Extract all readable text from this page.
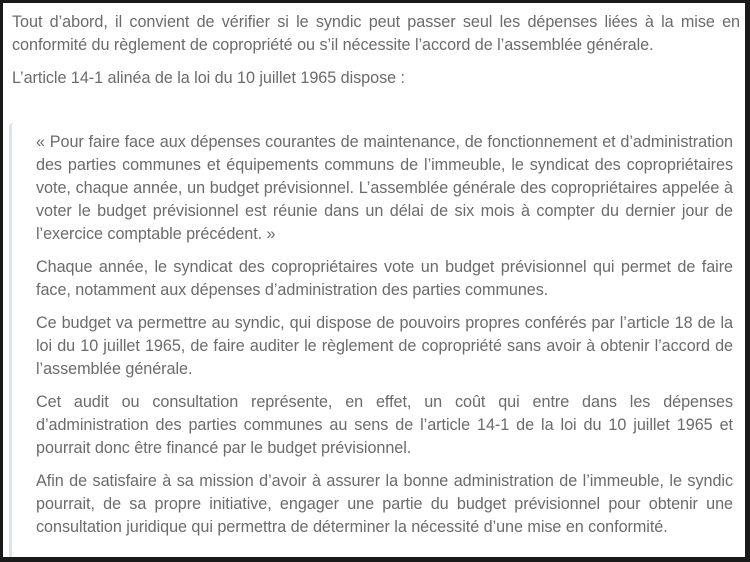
Tout d’abord, il convient de vérifier si le syndic peut passer seul les dépenses liées à la mise en conformité du règlement de copropriété ou s’il nécessite l’accord de l’assemblée générale.

L’article 14-1 alinéa de la loi du 10 juillet 1965 dispose :

« Pour faire face aux dépenses courantes de maintenance, de fonctionnement et d’administration des parties communes et équipements communs de l’immeuble, le syndicat des copropriétaires vote, chaque année, un budget prévisionnel. L’assemblée générale des copropriétaires appelée à voter le budget prévisionnel est réunie dans un délai de six mois à compter du dernier jour de l’exercice comptable précédent. »

Chaque année, le syndicat des copropriétaires vote un budget prévisionnel qui permet de faire face, notamment aux dépenses d’administration des parties communes.

Ce budget va permettre au syndic, qui dispose de pouvoirs propres conférés par l’article 18 de la loi du 10 juillet 1965, de faire auditer le règlement de copropriété sans avoir à obtenir l’accord de l’assemblée générale.

Cet audit ou consultation représente, en effet, un coût qui entre dans les dépenses d’administration des parties communes au sens de l’article 14-1 de la loi du 10 juillet 1965 et pourrait donc être financé par le budget prévisionnel.

Afin de satisfaire à sa mission d’avoir à assurer la bonne administration de l’immeuble, le syndic pourrait, de sa propre initiative, engager une partie du budget prévisionnel pour obtenir une consultation juridique qui permettra de déterminer la nécessité d’une mise en conformité.
